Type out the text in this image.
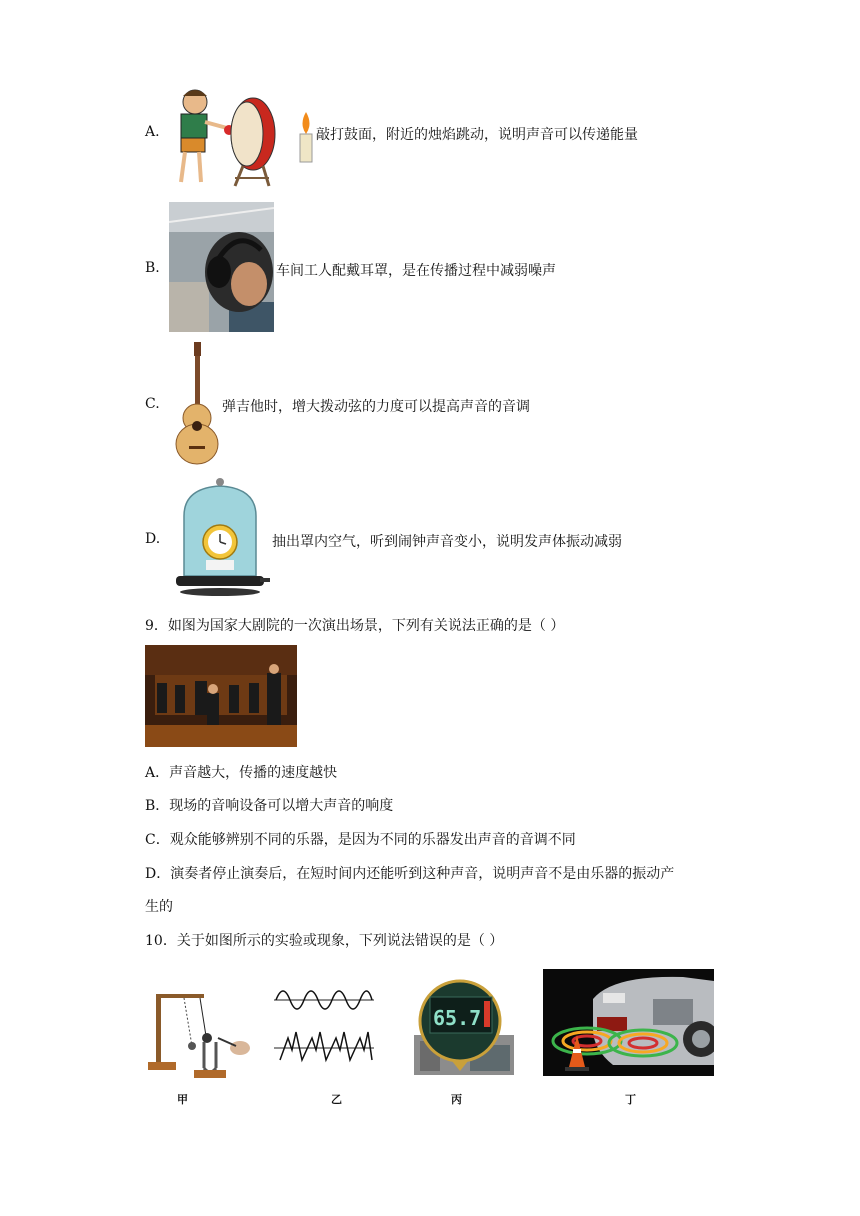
A.	敲打鼓面，附近的烛焰跳动，说明声音可以传递能量
B.	车间工人配戴耳罩，是在传播过程中减弱噪声
C.	弹吉他时，增大拨动弦的力度可以提高声音的音调
D.	抽出罩内空气，听到闹钟声音变小，说明发声体振动减弱
9．如图为国家大剧院的一次演出场景，下列有关说法正确的是（ ）
A．声音越大，传播的速度越快
B．现场的音响设备可以增大声音的响度
C．观众能够辨别不同的乐器，是因为不同的乐器发出声音的音调不同
D．演奏者停止演奏后，在短时间内还能听到这种声音，说明声音不是由乐器的振动产
生的
10．关于如图所示的实验或现象，下列说法错误的是（ ）
甲	乙
65.7
丙	丁
